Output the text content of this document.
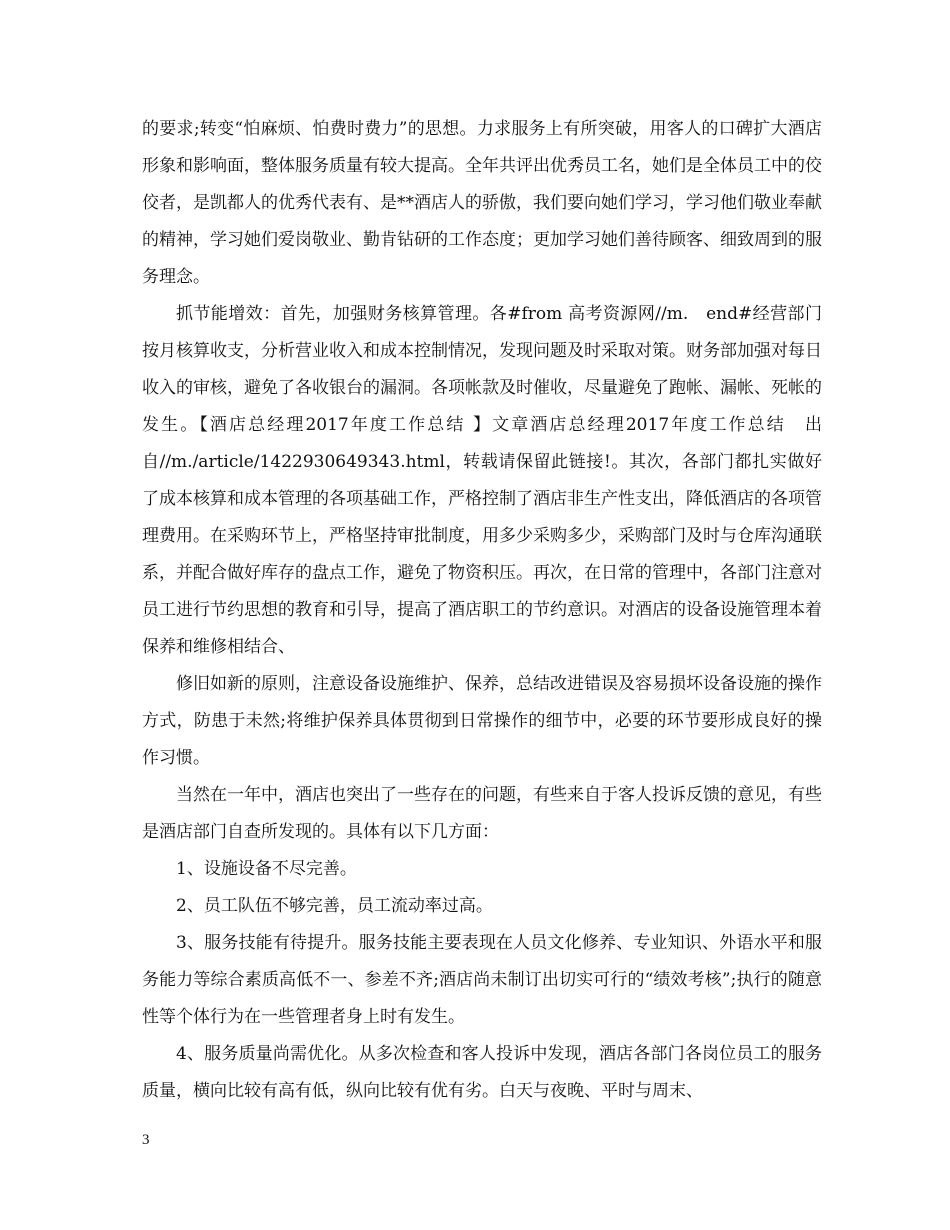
的要求;转变“怕麻烦、怕费时费力”的思想。力求服务上有所突破，用客人的口碑扩大酒店形象和影响面，整体服务质量有较大提高。全年共评出优秀员工名，她们是全体员工中的佼佼者，是凯都人的优秀代表有、是**酒店人的骄傲，我们要向她们学习，学习他们敬业奉献的精神，学习她们爱岗敬业、勤肯钻研的工作态度；更加学习她们善待顾客、细致周到的服务理念。

抓节能增效：首先，加强财务核算管理。各#from 高考资源网//m.　end#经营部门按月核算收支，分析营业收入和成本控制情况，发现问题及时采取对策。财务部加强对每日收入的审核，避免了各收银台的漏洞。各项帐款及时催收，尽量避免了跑帐、漏帐、死帐的发生。【酒店总经理2017年度工作总结 】文章酒店总经理2017年度工作总结　出自//m./article/1422930649343.html，转载请保留此链接!。其次，各部门都扎实做好了成本核算和成本管理的各项基础工作，严格控制了酒店非生产性支出，降低酒店的各项管理费用。在采购环节上，严格坚持审批制度，用多少采购多少，采购部门及时与仓库沟通联系，并配合做好库存的盘点工作，避免了物资积压。再次，在日常的管理中，各部门注意对员工进行节约思想的教育和引导，提高了酒店职工的节约意识。对酒店的设备设施管理本着保养和维修相结合、

修旧如新的原则，注意设备设施维护、保养，总结改进错误及容易损坏设备设施的操作方式，防患于未然;将维护保养具体贯彻到日常操作的细节中，必要的环节要形成良好的操作习惯。

当然在一年中，酒店也突出了一些存在的问题，有些来自于客人投诉反馈的意见，有些是酒店部门自查所发现的。具体有以下几方面：

1、设施设备不尽完善。

2、员工队伍不够完善，员工流动率过高。

3、服务技能有待提升。服务技能主要表现在人员文化修养、专业知识、外语水平和服务能力等综合素质高低不一、参差不齐;酒店尚未制订出切实可行的“绩效考核”;执行的随意性等个体行为在一些管理者身上时有发生。

4、服务质量尚需优化。从多次检查和客人投诉中发现，酒店各部门各岗位员工的服务质量，横向比较有高有低，纵向比较有优有劣。白天与夜晚、平时与周末、

3
